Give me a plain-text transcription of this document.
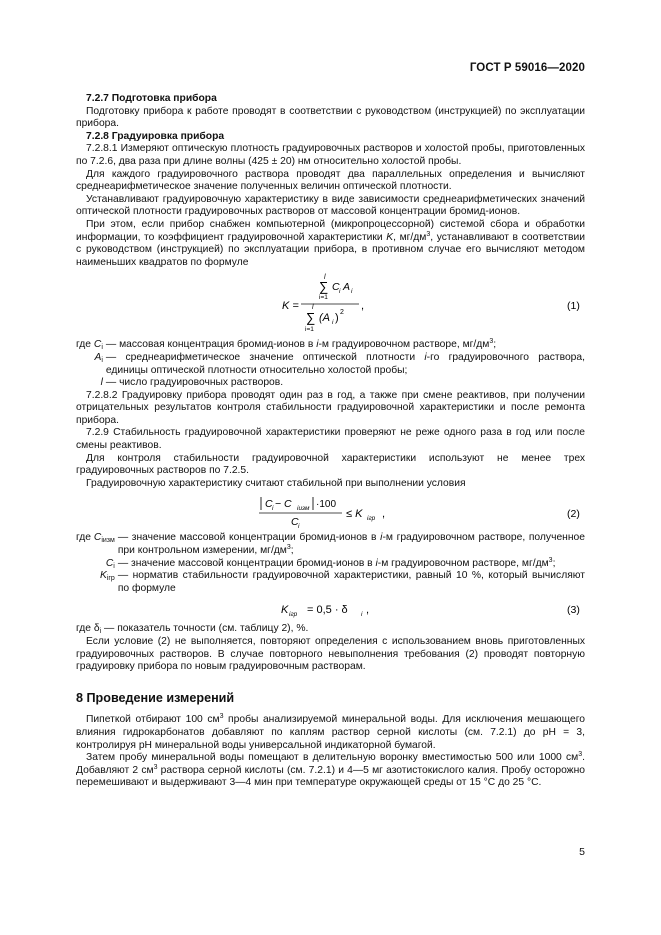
ГОСТ Р 59016—2020

7.2.7 Подготовка прибора

Подготовку прибора к работе проводят в соответствии с руководством (инструкцией) по эксплуатации прибора.

7.2.8 Градуировка прибора

7.2.8.1 Измеряют оптическую плотность градуировочных растворов и холостой пробы, приготовленных по 7.2.6, два раза при длине волны (425 ± 20) нм относительно холостой пробы.

Для каждого градуировочного раствора проводят два параллельных определения и вычисляют среднеарифметическое значение полученных величин оптической плотности.

Устанавливают градуировочную характеристику в виде зависимости среднеарифметических значений оптической плотности градуировочных растворов от массовой концентрации бромид-ионов.

При этом, если прибор снабжен компьютерной (микропроцессорной) системой сбора и обработки информации, то коэффициент градуировочной характеристики K, $мг/дм^3$, устанавливают в соответствии с руководством (инструкцией) по эксплуатации прибора, в противном случае его вычисляют методом наименьших квадратов по формуле

K =
l
∑
i=1
C i A i
l
∑
i=1
(A i ) 2
,	(1)
где $C_i$ — массовая концентрация бромид-ионов в i-м градуировочном растворе, $мг/дм^3$;
$A_i$ — среднеарифметическое значение оптической плотности i-го градуировочного раствора, единицы оптической плотности относительно холостой пробы;
l — число градуировочных растворов.

7.2.8.2 Градуировку прибора проводят один раз в год, а также при смене реактивов, при получении отрицательных результатов контроля стабильности градуировочной характеристики и после ремонта прибора.

7.2.9 Стабильность градуировочной характеристики проверяют не реже одного раза в год или после смены реактивов.

Для контроля стабильности градуировочной характеристики используют не менее трех градуировочных растворов по 7.2.5.

Градуировочную характеристику считают стабильной при выполнении условия

C i − C iизм ·100
C i
≤ K iгр ,	(2)
где $C_{iизм}$ — значение массовой концентрации бромид-ионов в i-м градуировочном растворе, полученное при контрольном измерении, $мг/дм^3$;
$C_i$ — значение массовой концентрации бромид-ионов в i-м градуировочном растворе, $мг/дм^3$;
$K_{iгр}$ — норматив стабильности градуировочной характеристики, равный 10 %, который вычисляют по формуле
K iгр = 0,5 · δ i ,	(3)

где $\delta_i$ — показатель точности (см. таблицу 2), %.

Если условие (2) не выполняется, повторяют определения с использованием вновь приготовленных градуировочных растворов. В случае повторного невыполнения требования (2) проводят повторную градуировку прибора по новым градуировочным растворам.

8 Проведение измерений

Пипеткой отбирают 100 $см^3$ пробы анализируемой минеральной воды. Для исключения мешающего влияния гидрокарбонатов добавляют по каплям раствор серной кислоты (см. 7.2.1) до рН = 3, контролируя рН минеральной воды универсальной индикаторной бумагой.

Затем пробу минеральной воды помещают в делительную воронку вместимостью 500 или 1000 $см^3$. Добавляют 2 $см^3$ раствора серной кислоты (см. 7.2.1) и 4—5 мг азотистокислого калия. Пробу осторожно перемешивают и выдерживают 3—4 мин при температуре окружающей среды от 15 °С до 25 °С.

5
